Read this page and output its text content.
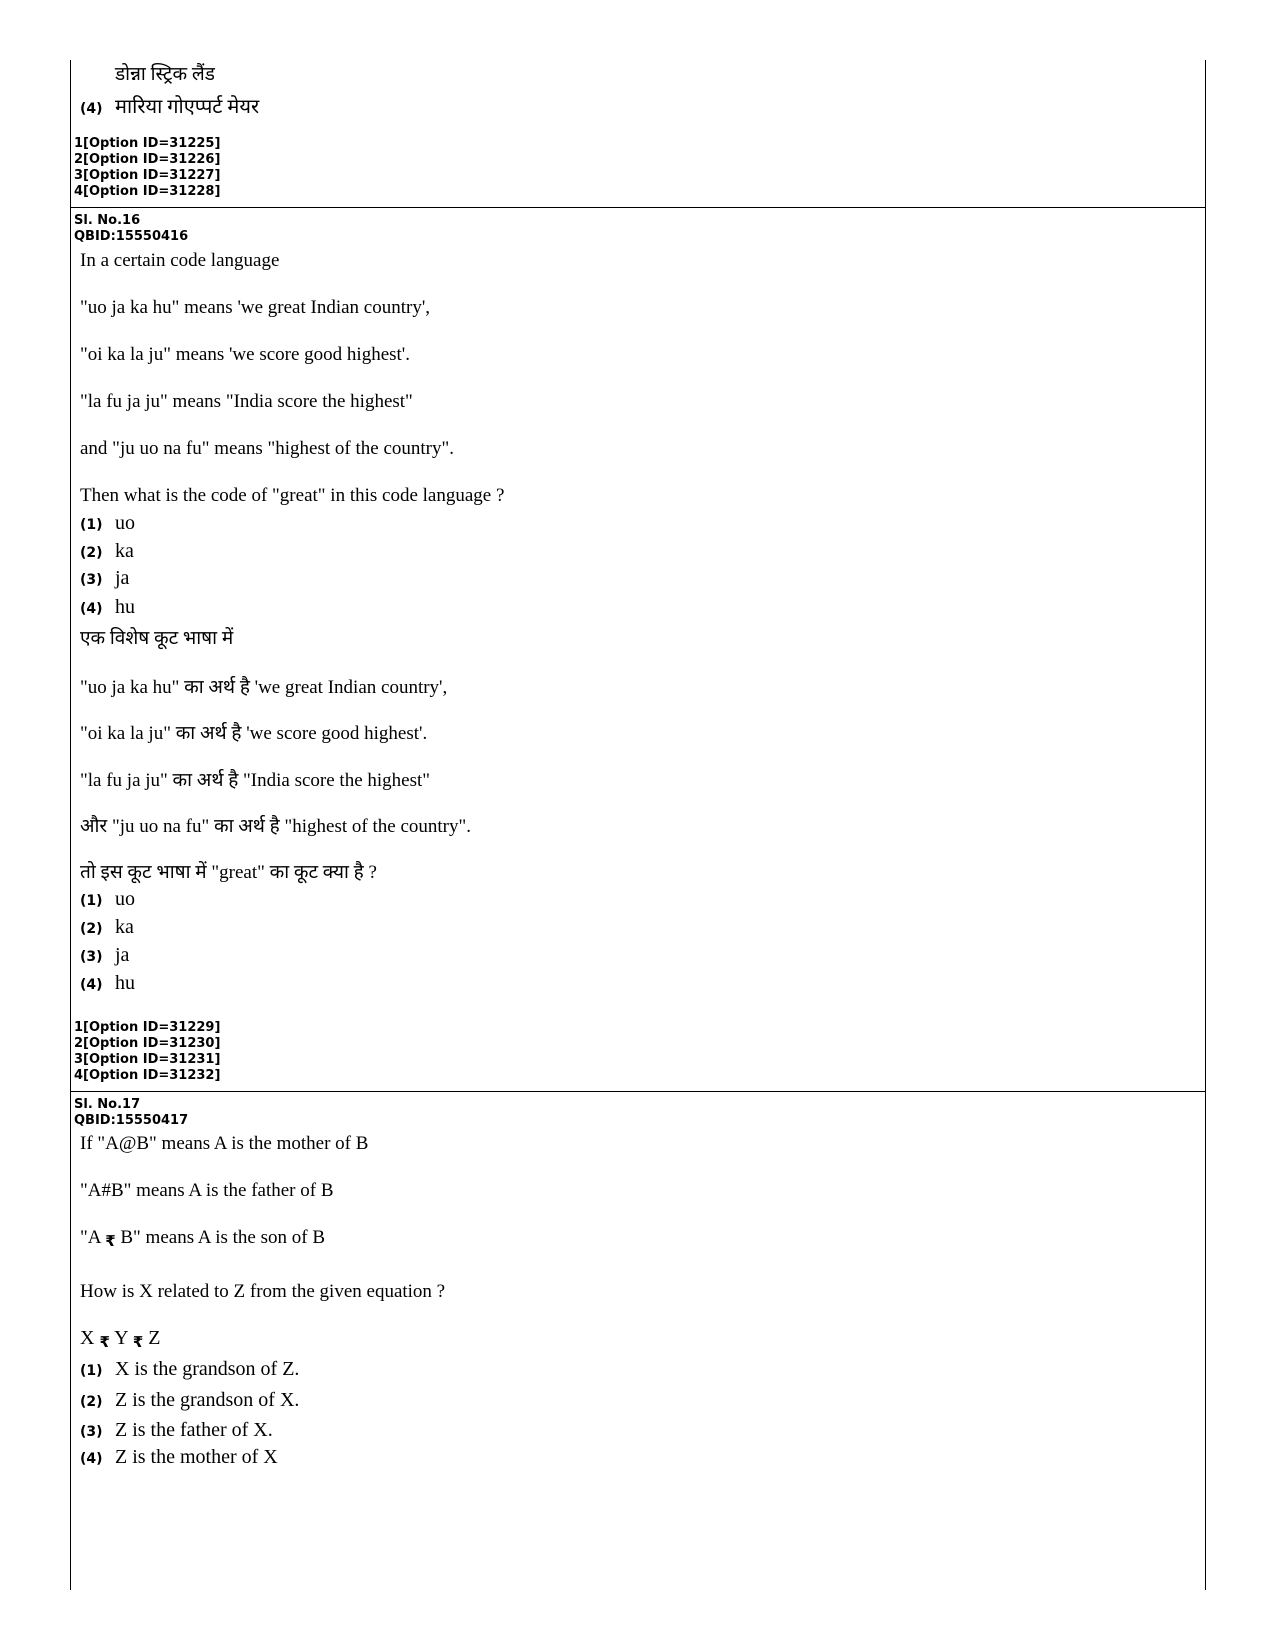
डोन्ना स्ट्रिक लैंड
(4) मारिया गोएप्पर्ट मेयर
1[Option ID=31225]
2[Option ID=31226]
3[Option ID=31227]
4[Option ID=31228]
Sl. No.16
QBID:15550416
In a certain code language
"uo ja ka hu" means 'we great Indian country',
"oi ka la ju" means 'we score good highest'.
"la fu ja ju" means "India score the highest"
and "ju uo na fu" means "highest of the country".
Then what is the code of "great" in this code language ?
(1) uo
(2) ka
(3) ja
(4) hu
एक विशेष कूट भाषा में
"uo ja ka hu" का अर्थ है 'we great Indian country',
"oi ka la ju" का अर्थ है 'we score good highest'.
"la fu ja ju" का अर्थ है "India score the highest"
और "ju uo na fu" का अर्थ है "highest of the country".
तो इस कूट भाषा में "great" का कूट क्या है ?
(1) uo
(2) ka
(3) ja
(4) hu
1[Option ID=31229]
2[Option ID=31230]
3[Option ID=31231]
4[Option ID=31232]
Sl. No.17
QBID:15550417
If "A@B" means A is the mother of B
"A#B" means A is the father of B
"A ₹ B" means A is the son of B
How is X related to Z from the given equation ?
X ₹ Y ₹ Z
(1) X is the grandson of Z.
(2) Z is the grandson of X.
(3) Z is the father of X.
(4) Z is the mother of X
